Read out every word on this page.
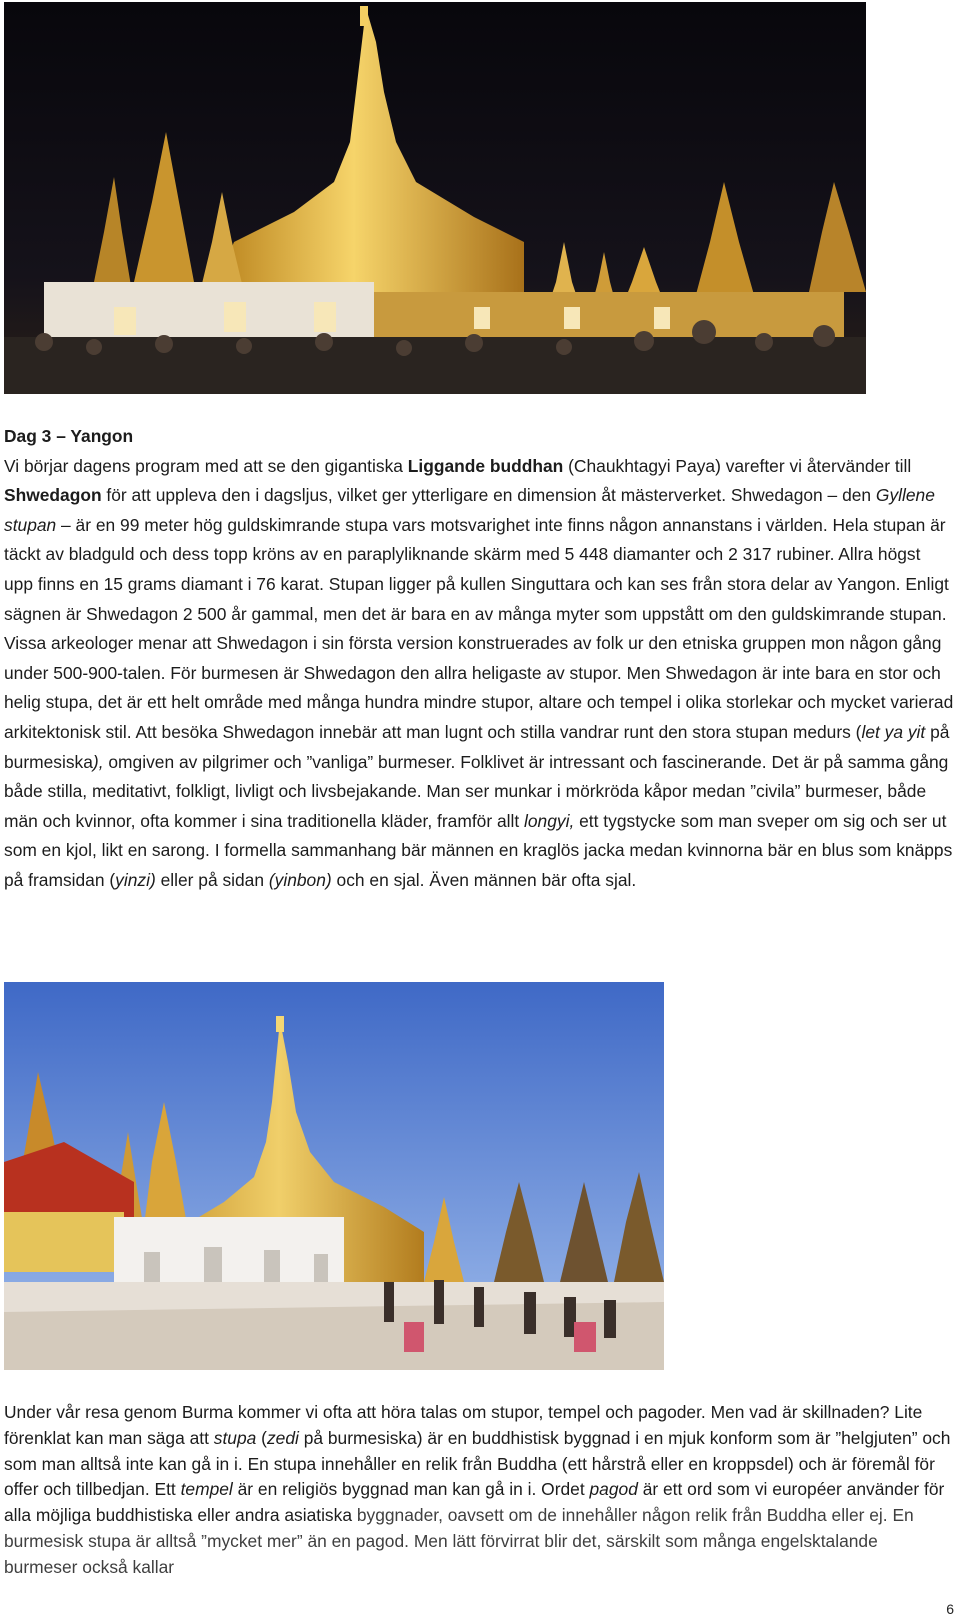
Dag 3 – Yangon
Vi börjar dagens program med att se den gigantiska Liggande buddhan (Chaukhtagyi Paya) varefter vi återvänder till Shwedagon för att uppleva den i dagsljus, vilket ger ytterligare en dimension åt mästerverket. Shwedagon – den Gyllene stupan – är en 99 meter hög guldskimrande stupa vars motsvarighet inte finns någon annanstans i världen. Hela stupan är täckt av bladguld och dess topp kröns av en paraplyliknande skärm med 5 448 diamanter och 2 317 rubiner. Allra högst upp finns en 15 grams diamant i 76 karat. Stupan ligger på kullen Singuttara och kan ses från stora delar av Yangon. Enligt sägnen är Shwedagon 2 500 år gammal, men det är bara en av många myter som uppstått om den guldskimrande stupan. Vissa arkeologer menar att Shwedagon i sin första version konstruerades av folk ur den etniska gruppen mon någon gång under 500-900-talen. För burmesen är Shwedagon den allra heligaste av stupor. Men Shwedagon är inte bara en stor och helig stupa, det är ett helt område med många hundra mindre stupor, altare och tempel i olika storlekar och mycket varierad arkitektonisk stil. Att besöka Shwedagon innebär att man lugnt och stilla vandrar runt den stora stupan medurs (let ya yit på burmesiska), omgiven av pilgrimer och ”vanliga” burmeser. Folklivet är intressant och fascinerande. Det är på samma gång både stilla, meditativt, folkligt, livligt och livsbejakande. Man ser munkar i mörkröda kåpor medan ”civila” burmeser, både män och kvinnor, ofta kommer i sina traditionella kläder, framför allt longyi, ett tygstycke som man sveper om sig och ser ut som en kjol, likt en sarong. I formella sammanhang bär männen en kraglös jacka medan kvinnorna bär en blus som knäpps på framsidan (yinzi) eller på sidan (yinbon) och en sjal. Även männen bär ofta sjal.
Under vår resa genom Burma kommer vi ofta att höra talas om stupor, tempel och pagoder. Men vad är skillnaden? Lite förenklat kan man säga att stupa (zedi på burmesiska) är en buddhistisk byggnad i en mjuk konform som är ”helgjuten” och som man alltså inte kan gå in i. En stupa innehåller en relik från Buddha (ett hårstrå eller en kroppsdel) och är föremål för offer och tillbedjan. Ett tempel är en religiös byggnad man kan gå in i. Ordet pagod är ett ord som vi européer använder för alla möjliga buddhistiska eller andra asiatiska byggnader, oavsett om de innehåller någon relik från Buddha eller ej. En burmesisk stupa är alltså ”mycket mer” än en pagod. Men lätt förvirrat blir det, särskilt som många engelsktalande burmeser också kallar
6
